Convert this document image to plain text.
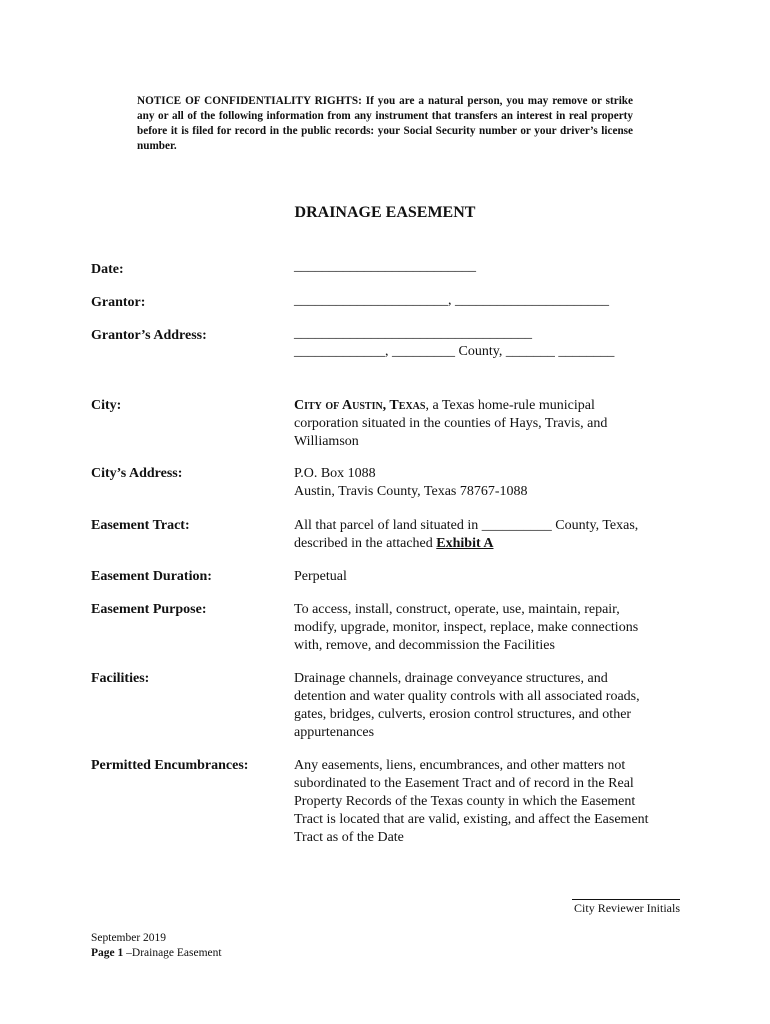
NOTICE OF CONFIDENTIALITY RIGHTS: If you are a natural person, you may remove or strike any or all of the following information from any instrument that transfers an interest in real property before it is filed for record in the public records: your Social Security number or your driver’s license number.
DRAINAGE EASEMENT
Date:	__________________________
Grantor:	______________________, ______________________
Grantor’s Address:	__________________________________
_____________, _________ County, _______ ________
City:	City of Austin, Texas, a Texas home-rule municipal
corporation situated in the counties of Hays, Travis, and
Williamson
City’s Address:	P.O. Box 1088
Austin, Travis County, Texas 78767-1088
Easement Tract:	All that parcel of land situated in __________ County, Texas,
described in the attached Exhibit A
Easement Duration:	Perpetual
Easement Purpose:	To access, install, construct, operate, use, maintain, repair,
modify, upgrade, monitor, inspect, replace, make connections
with, remove, and decommission the Facilities
Facilities:	Drainage channels, drainage conveyance structures, and
detention and water quality controls with all associated roads,
gates, bridges, culverts, erosion control structures, and other
appurtenances
Permitted Encumbrances:	Any easements, liens, encumbrances, and other matters not
subordinated to the Easement Tract and of record in the Real
Property Records of the Texas county in which the Easement
Tract is located that are valid, existing, and affect the Easement
Tract as of the Date
City Reviewer Initials
September 2019
Page 1 –Drainage Easement
